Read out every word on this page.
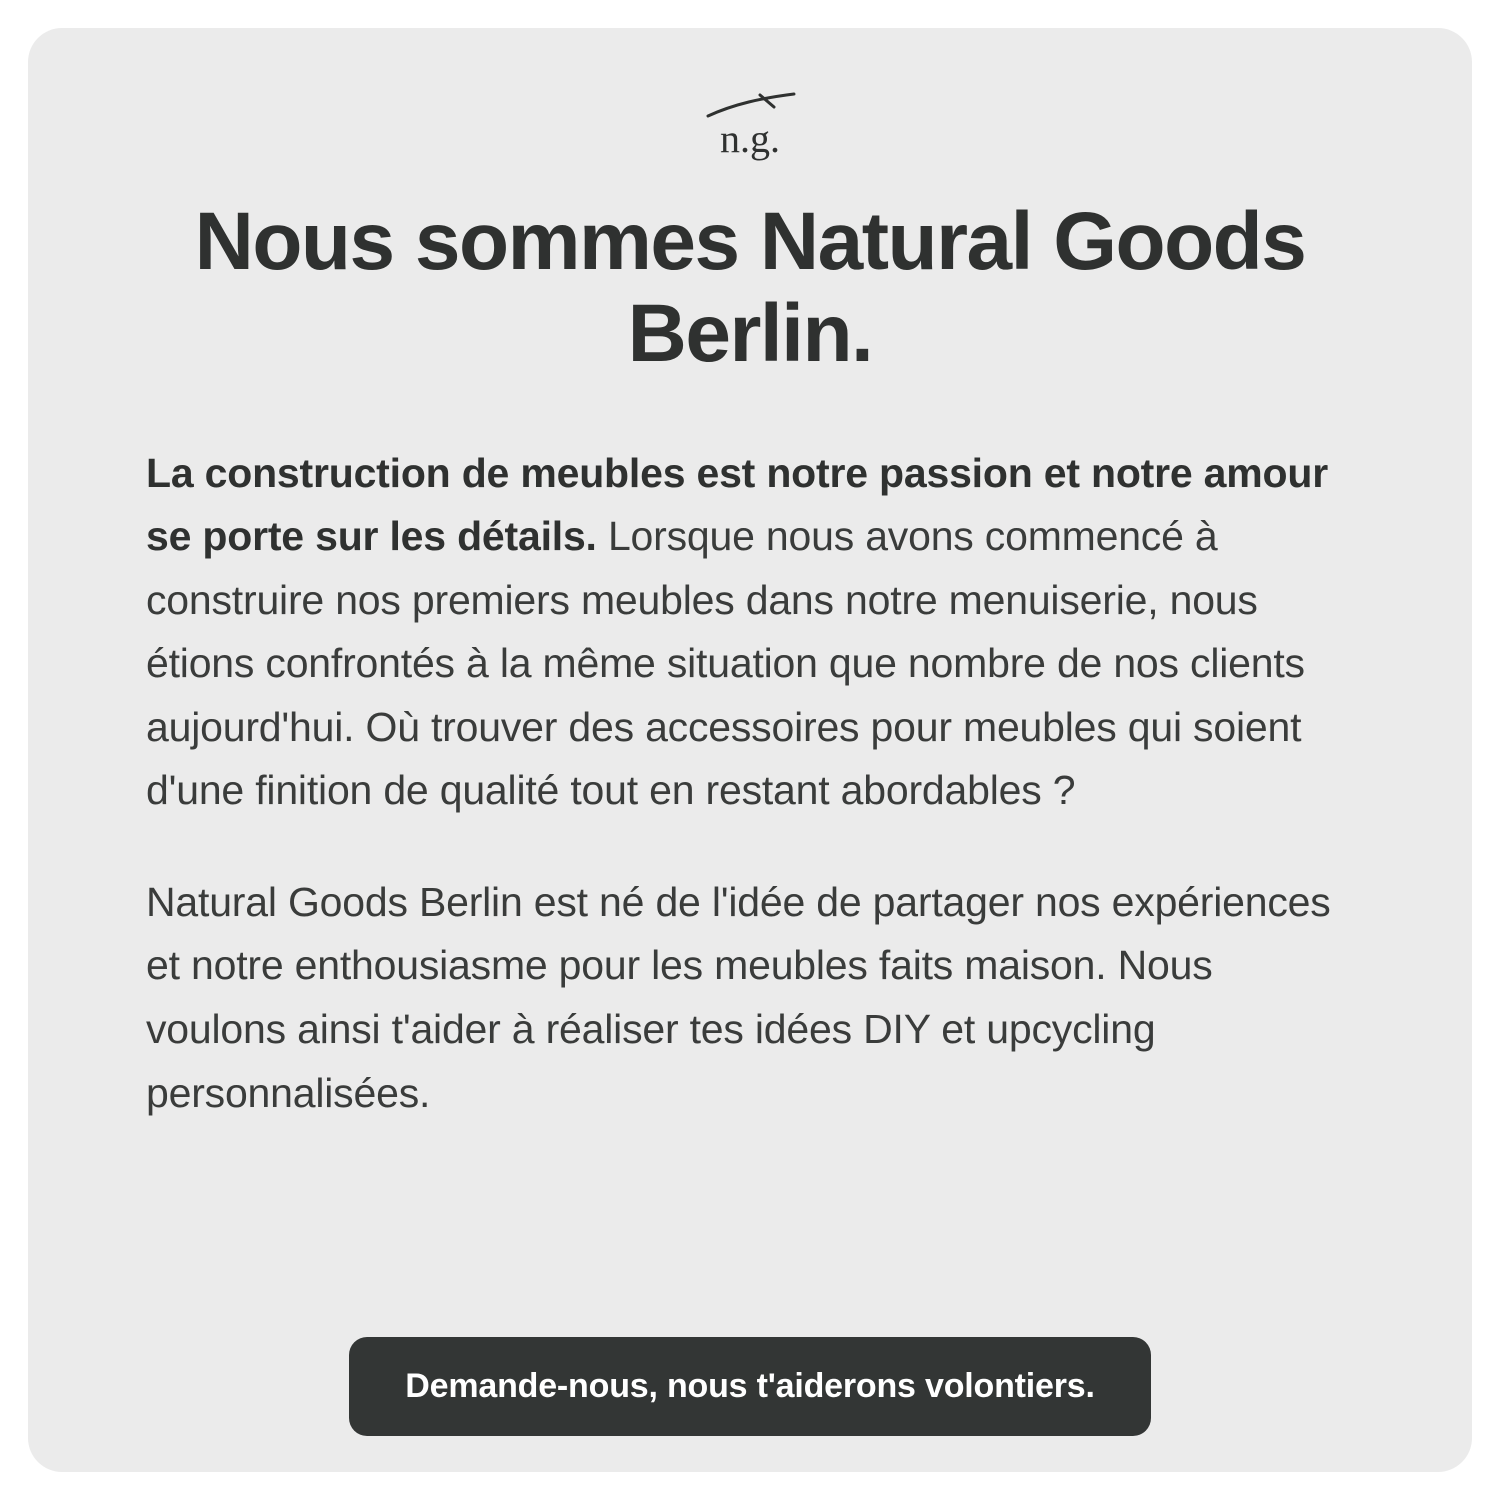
n.g.
Nous sommes Natural Goods Berlin.

La construction de meubles est notre passion et notre amour se porte sur les détails. Lorsque nous avons commencé à construire nos premiers meubles dans notre menuiserie, nous étions confrontés à la même situation que nombre de nos clients aujourd'hui. Où trouver des accessoires pour meubles qui soient d'une finition de qualité tout en restant abordables ?

Natural Goods Berlin est né de l'idée de partager nos expériences et notre enthousiasme pour les meubles faits maison. Nous voulons ainsi t'aider à réaliser tes idées DIY et upcycling personnalisées.

Demande-nous, nous t'aiderons volontiers.
